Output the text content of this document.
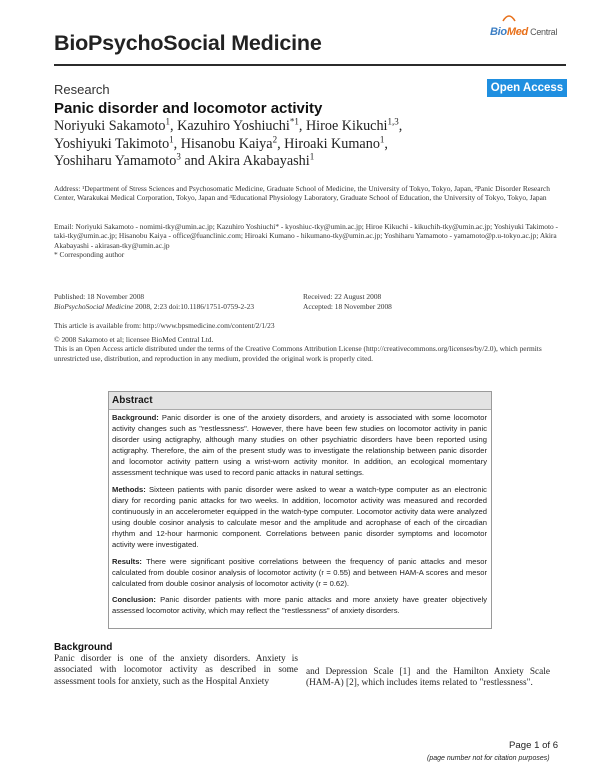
BioPsychoSocial Medicine	BioMed Central
Research	Open Access
Panic disorder and locomotor activity
Noriyuki Sakamoto$^1$, Kazuhiro Yoshiuchi$^{*1}$, Hiroe Kikuchi$^{1,3}$,
Yoshiyuki Takimoto$^1$, Hisanobu Kaiya$^2$, Hiroaki Kumano$^1$,
Yoshiharu Yamamoto$^3$ and Akira Akabayashi$^1$
Address: ¹Department of Stress Sciences and Psychosomatic Medicine, Graduate School of Medicine, the University of Tokyo, Tokyo, Japan, ²Panic Disorder Research Center, Warakukai Medical Corporation, Tokyo, Japan and ³Educational Physiology Laboratory, Graduate School of Education, the University of Tokyo, Tokyo, Japan
Email: Noriyuki Sakamoto - nomimi-tky@umin.ac.jp; Kazuhiro Yoshiuchi* - kyoshiuc-tky@umin.ac.jp; Hiroe Kikuchi - kikuchih-tky@umin.ac.jp; Yoshiyuki Takimoto - taki-tky@umin.ac.jp; Hisanobu Kaiya - office@fuanclinic.com; Hiroaki Kumano - hikumano-tky@umin.ac.jp; Yoshiharu Yamamoto - yamamoto@p.u-tokyo.ac.jp; Akira Akabayashi - akirasan-tky@umin.ac.jp
* Corresponding author
Published: 18 November 2008
BioPsychoSocial Medicine 2008, 2:23 doi:10.1186/1751-0759-2-23
Received: 22 August 2008
Accepted: 18 November 2008
This article is available from: http://www.bpsmedicine.com/content/2/1/23
© 2008 Sakamoto et al; licensee BioMed Central Ltd.
This is an Open Access article distributed under the terms of the Creative Commons Attribution License (http://creativecommons.org/licenses/by/2.0), which permits unrestricted use, distribution, and reproduction in any medium, provided the original work is properly cited.
Abstract

Background: Panic disorder is one of the anxiety disorders, and anxiety is associated with some locomotor activity changes such as "restlessness". However, there have been few studies on locomotor activity in panic disorder using actigraphy, although many studies on other psychiatric disorders have been reported using actigraphy. Therefore, the aim of the present study was to investigate the relationship between panic disorder and locomotor activity pattern using a wrist-worn activity monitor. In addition, an ecological momentary assessment technique was used to record panic attacks in natural settings.

Methods: Sixteen patients with panic disorder were asked to wear a watch-type computer as an electronic diary for recording panic attacks for two weeks. In addition, locomotor activity was measured and recorded continuously in an accelerometer equipped in the watch-type computer. Locomotor activity data were analyzed using double cosinor analysis to calculate mesor and the amplitude and acrophase of each of the circadian rhythm and 12-hour harmonic component. Correlations between panic disorder symptoms and locomotor activity were investigated.

Results: There were significant positive correlations between the frequency of panic attacks and mesor calculated from double cosinor analysis of locomotor activity (r = 0.55) and between HAM-A scores and mesor calculated from double cosinor analysis of locomotor activity (r = 0.62).

Conclusion: Panic disorder patients with more panic attacks and more anxiety have greater objectively assessed locomotor activity, which may reflect the "restlessness" of anxiety disorders.

Background
Panic disorder is one of the anxiety disorders. Anxiety is associated with locomotor activity as described in some assessment tools for anxiety, such as the Hospital Anxiety
and Depression Scale [1] and the Hamilton Anxiety Scale (HAM-A) [2], which includes items related to "restlessness".
Page 1 of 6
(page number not for citation purposes)
